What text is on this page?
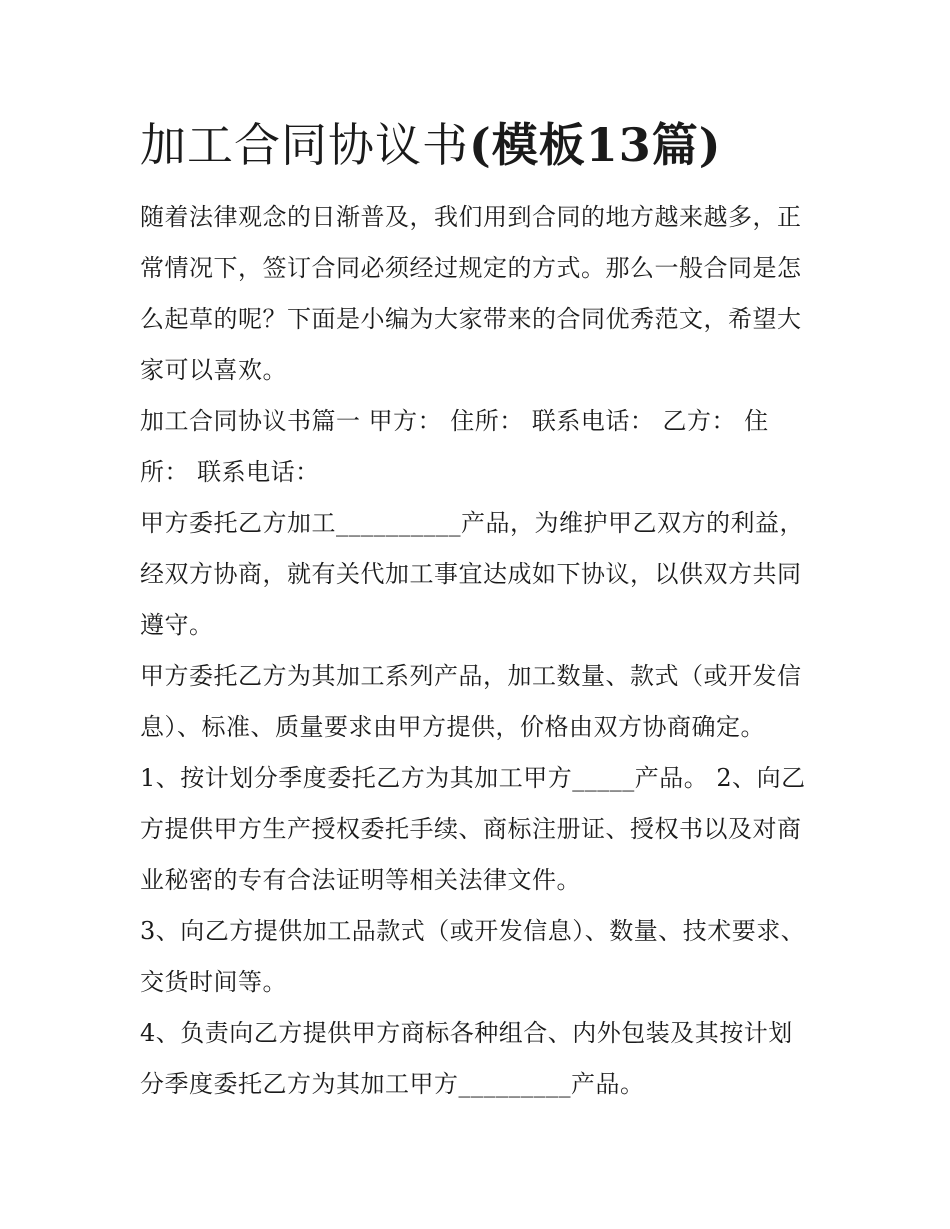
加工合同协议书(模板13篇)

随着法律观念的日渐普及，我们用到合同的地方越来越多，正常情况下，签订合同必须经过规定的方式。那么一般合同是怎么起草的呢？下面是小编为大家带来的合同优秀范文，希望大家可以喜欢。

加工合同协议书篇一 甲方： 住所： 联系电话： 乙方： 住所： 联系电话：

甲方委托乙方加工__________产品，为维护甲乙双方的利益，经双方协商，就有关代加工事宜达成如下协议，以供双方共同遵守。

甲方委托乙方为其加工系列产品，加工数量、款式（或开发信息）、标准、质量要求由甲方提供，价格由双方协商确定。

1、按计划分季度委托乙方为其加工甲方_____产品。 2、向乙方提供甲方生产授权委托手续、商标注册证、授权书以及对商业秘密的专有合法证明等相关法律文件。

3、向乙方提供加工品款式（或开发信息）、数量、技术要求、交货时间等。

4、负责向乙方提供甲方商标各种组合、内外包装及其按计划分季度委托乙方为其加工甲方_________产品。
